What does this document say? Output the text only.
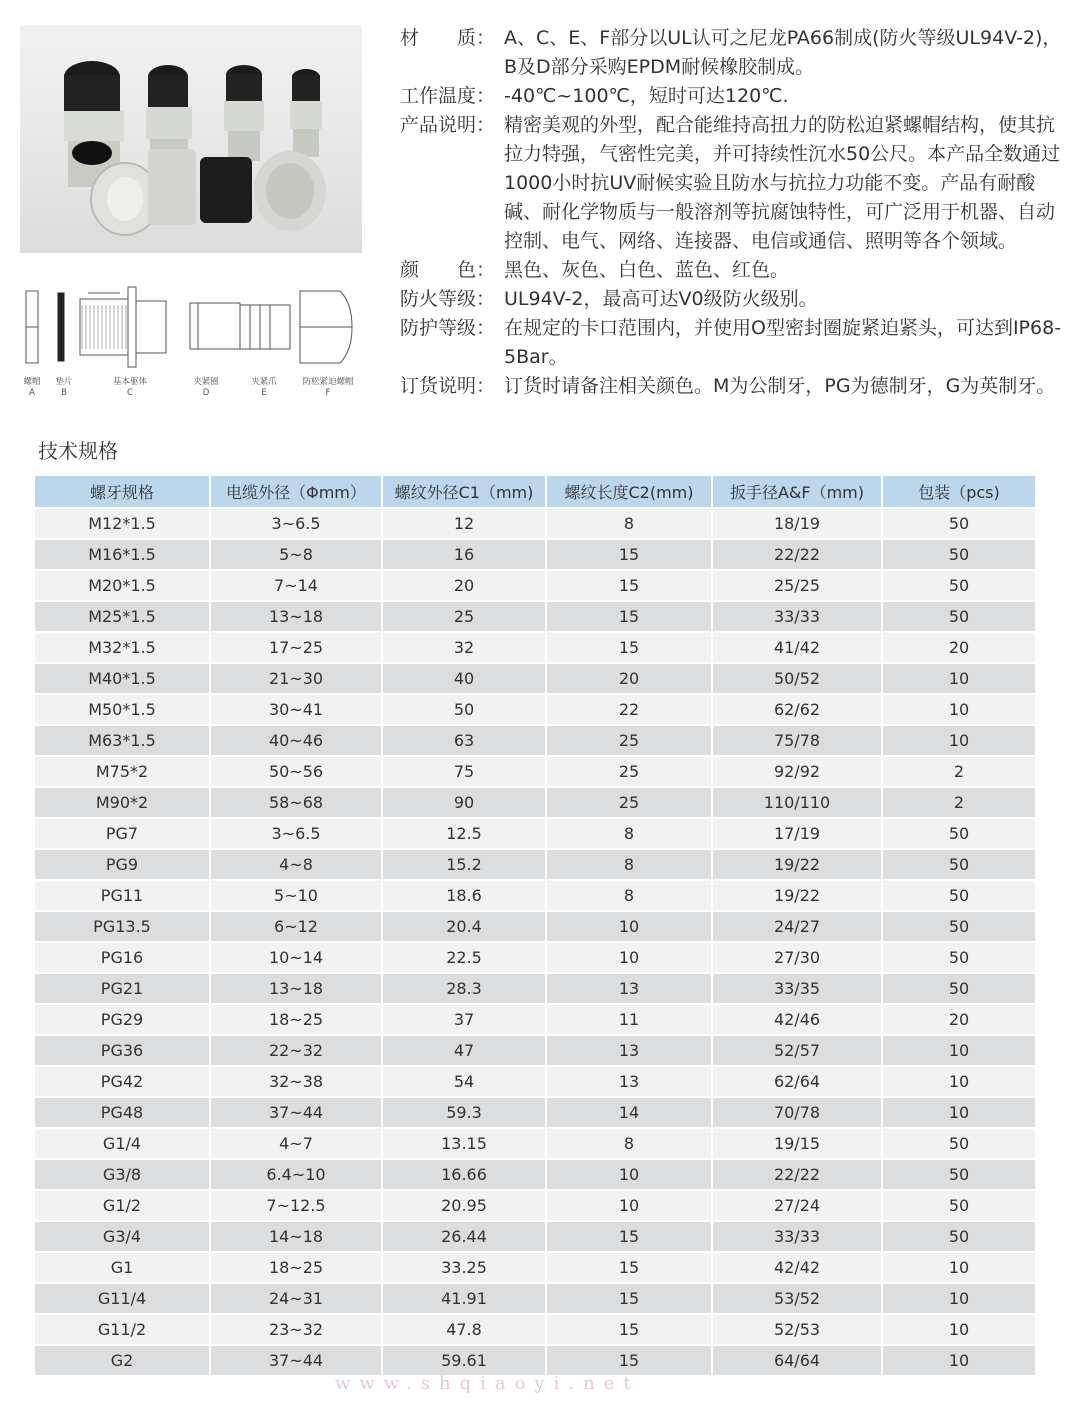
螺帽
A
垫片
B
基本躯体
C
夹紧圈
D
夹紧爪
E
防松紧迫螺帽
F
材　　质： A、C、E、F部分以UL认可之尼龙PA66制成(防火等级UL94V-2)，B及D部分采购EPDM耐候橡胶制成。
工作温度： -40℃~100℃，短时可达120℃.
产品说明： 精密美观的外型，配合能维持高扭力的防松迫紧螺帽结构，使其抗拉力特强，气密性完美，并可持续性沉水50公尺。本产品全数通过1000小时抗UV耐候实验且防水与抗拉力功能不变。产品有耐酸碱、耐化学物质与一般溶剂等抗腐蚀特性，可广泛用于机器、自动控制、电气、网络、连接器、电信或通信、照明等各个领域。
颜　　色： 黑色、灰色、白色、蓝色、红色。
防火等级： UL94V-2，最高可达V0级防火级别。
防护等级： 在规定的卡口范围内，并使用O型密封圈旋紧迫紧头，可达到IP68-5Bar。
订货说明： 订货时请备注相关颜色。M为公制牙，PG为德制牙，G为英制牙。
技术规格
螺牙规格	电缆外径（Φmm）	螺纹外径C1（mm)	螺纹长度C2(mm)	扳手径A&F（mm)	包装（pcs)
M12*1.5	3~6.5	12	8	18/19	50
M16*1.5	5~8	16	15	22/22	50
M20*1.5	7~14	20	15	25/25	50
M25*1.5	13~18	25	15	33/33	50
M32*1.5	17~25	32	15	41/42	20
M40*1.5	21~30	40	20	50/52	10
M50*1.5	30~41	50	22	62/62	10
M63*1.5	40~46	63	25	75/78	10
M75*2	50~56	75	25	92/92	2
M90*2	58~68	90	25	110/110	2
PG7	3~6.5	12.5	8	17/19	50
PG9	4~8	15.2	8	19/22	50
PG11	5~10	18.6	8	19/22	50
PG13.5	6~12	20.4	10	24/27	50
PG16	10~14	22.5	10	27/30	50
PG21	13~18	28.3	13	33/35	50
PG29	18~25	37	11	42/46	20
PG36	22~32	47	13	52/57	10
PG42	32~38	54	13	62/64	10
PG48	37~44	59.3	14	70/78	10
G1/4	4~7	13.15	8	19/15	50
G3/8	6.4~10	16.66	10	22/22	50
G1/2	7~12.5	20.95	10	27/24	50
G3/4	14~18	26.44	15	33/33	50
G1	18~25	33.25	15	42/42	10
G11/4	24~31	41.91	15	53/52	10
G11/2	23~32	47.8	15	52/53	10
G2	37~44	59.61	15	64/64	10
www.shqiaoyi.net
